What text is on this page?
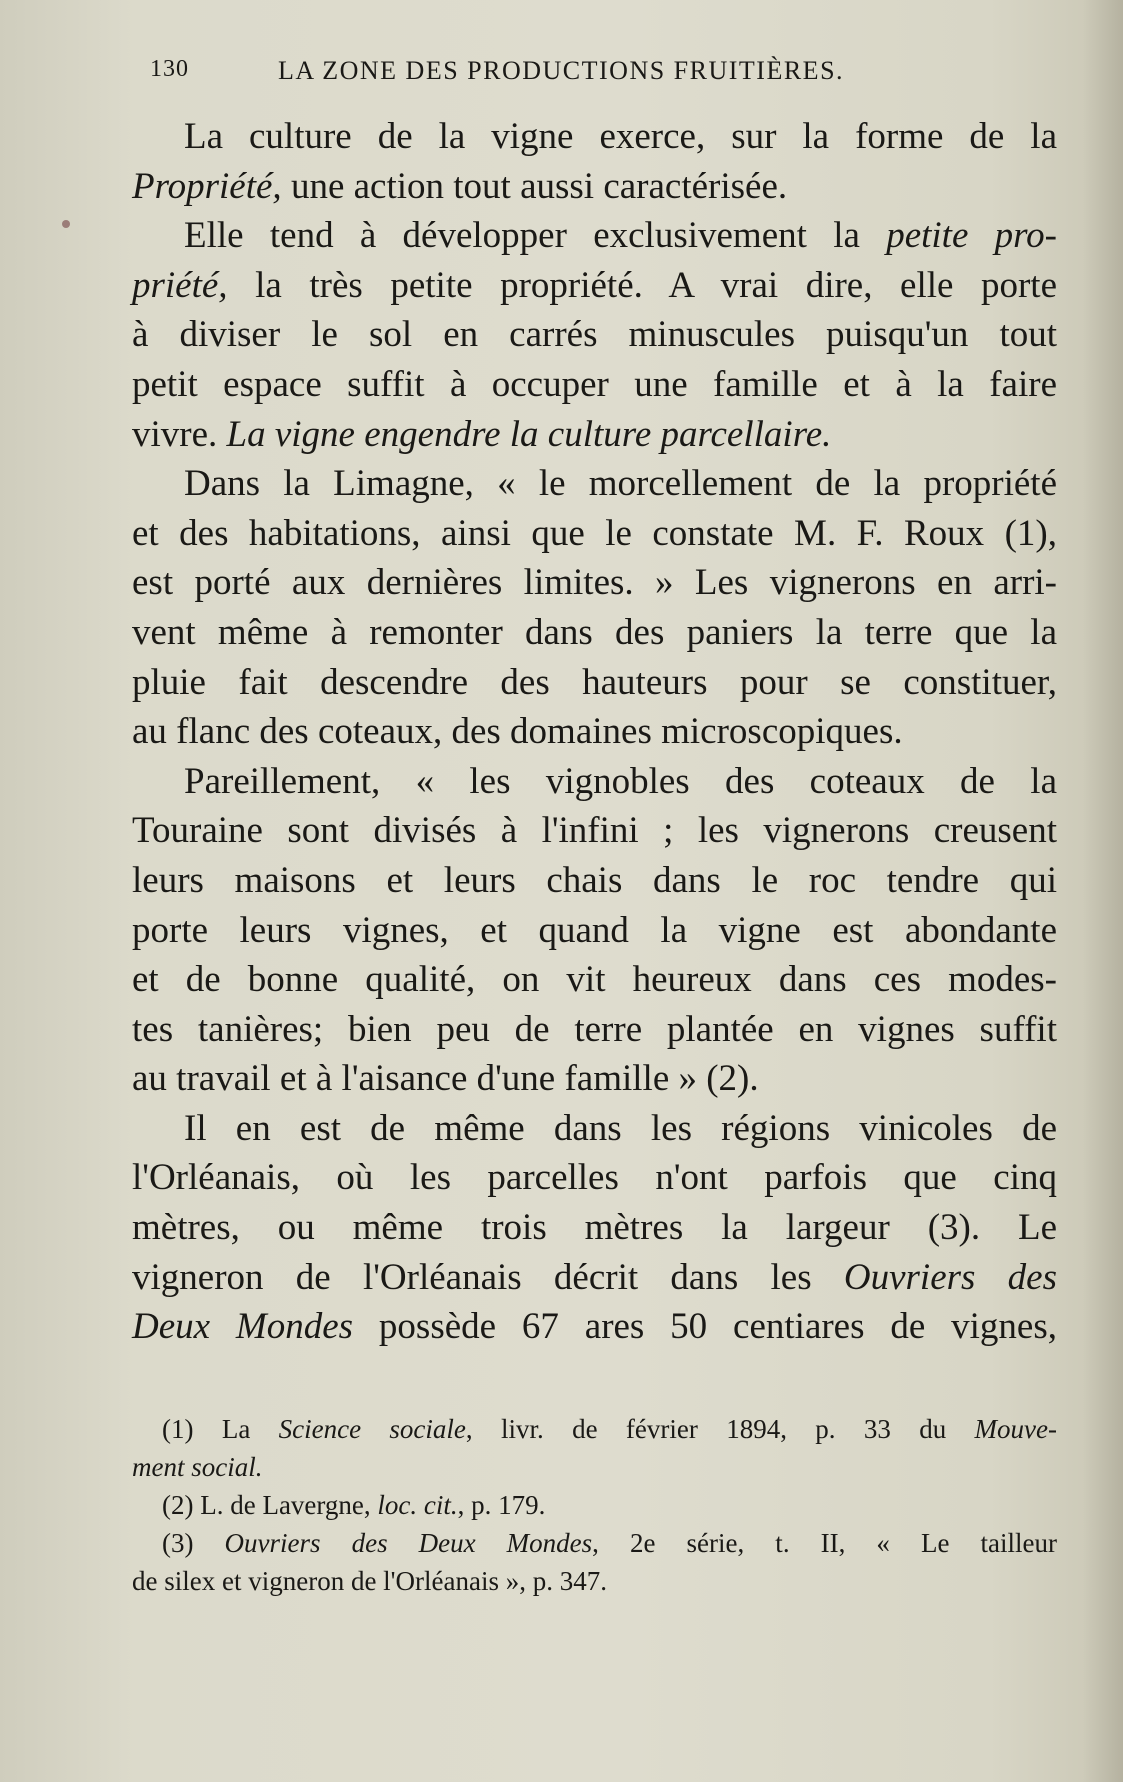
130	LA ZONE DES PRODUCTIONS FRUITIÈRES.
La culture de la vigne exerce, sur la forme de la
Propriété, une action tout aussi caractérisée.
Elle tend à développer exclusivement la petite pro-
priété, la très petite propriété. A vrai dire, elle porte
à diviser le sol en carrés minuscules puisqu'un tout
petit espace suffit à occuper une famille et à la faire
vivre. La vigne engendre la culture parcellaire.
Dans la Limagne, « le morcellement de la propriété
et des habitations, ainsi que le constate M. F. Roux (1),
est porté aux dernières limites. » Les vignerons en arri-
vent même à remonter dans des paniers la terre que la
pluie fait descendre des hauteurs pour se constituer,
au flanc des coteaux, des domaines microscopiques.
Pareillement, « les vignobles des coteaux de la
Touraine sont divisés à l'infini ; les vignerons creusent
leurs maisons et leurs chais dans le roc tendre qui
porte leurs vignes, et quand la vigne est abondante
et de bonne qualité, on vit heureux dans ces modes-
tes tanières; bien peu de terre plantée en vignes suffit
au travail et à l'aisance d'une famille » (2).
Il en est de même dans les régions vinicoles de
l'Orléanais, où les parcelles n'ont parfois que cinq
mètres, ou même trois mètres la largeur (3). Le
vigneron de l'Orléanais décrit dans les Ouvriers des
Deux Mondes possède 67 ares 50 centiares de vignes,
(1) La Science sociale, livr. de février 1894, p. 33 du Mouve-
ment social.
(2) L. de Lavergne, loc. cit., p. 179.
(3) Ouvriers des Deux Mondes, 2e série, t. II, « Le tailleur
de silex et vigneron de l'Orléanais », p. 347.
